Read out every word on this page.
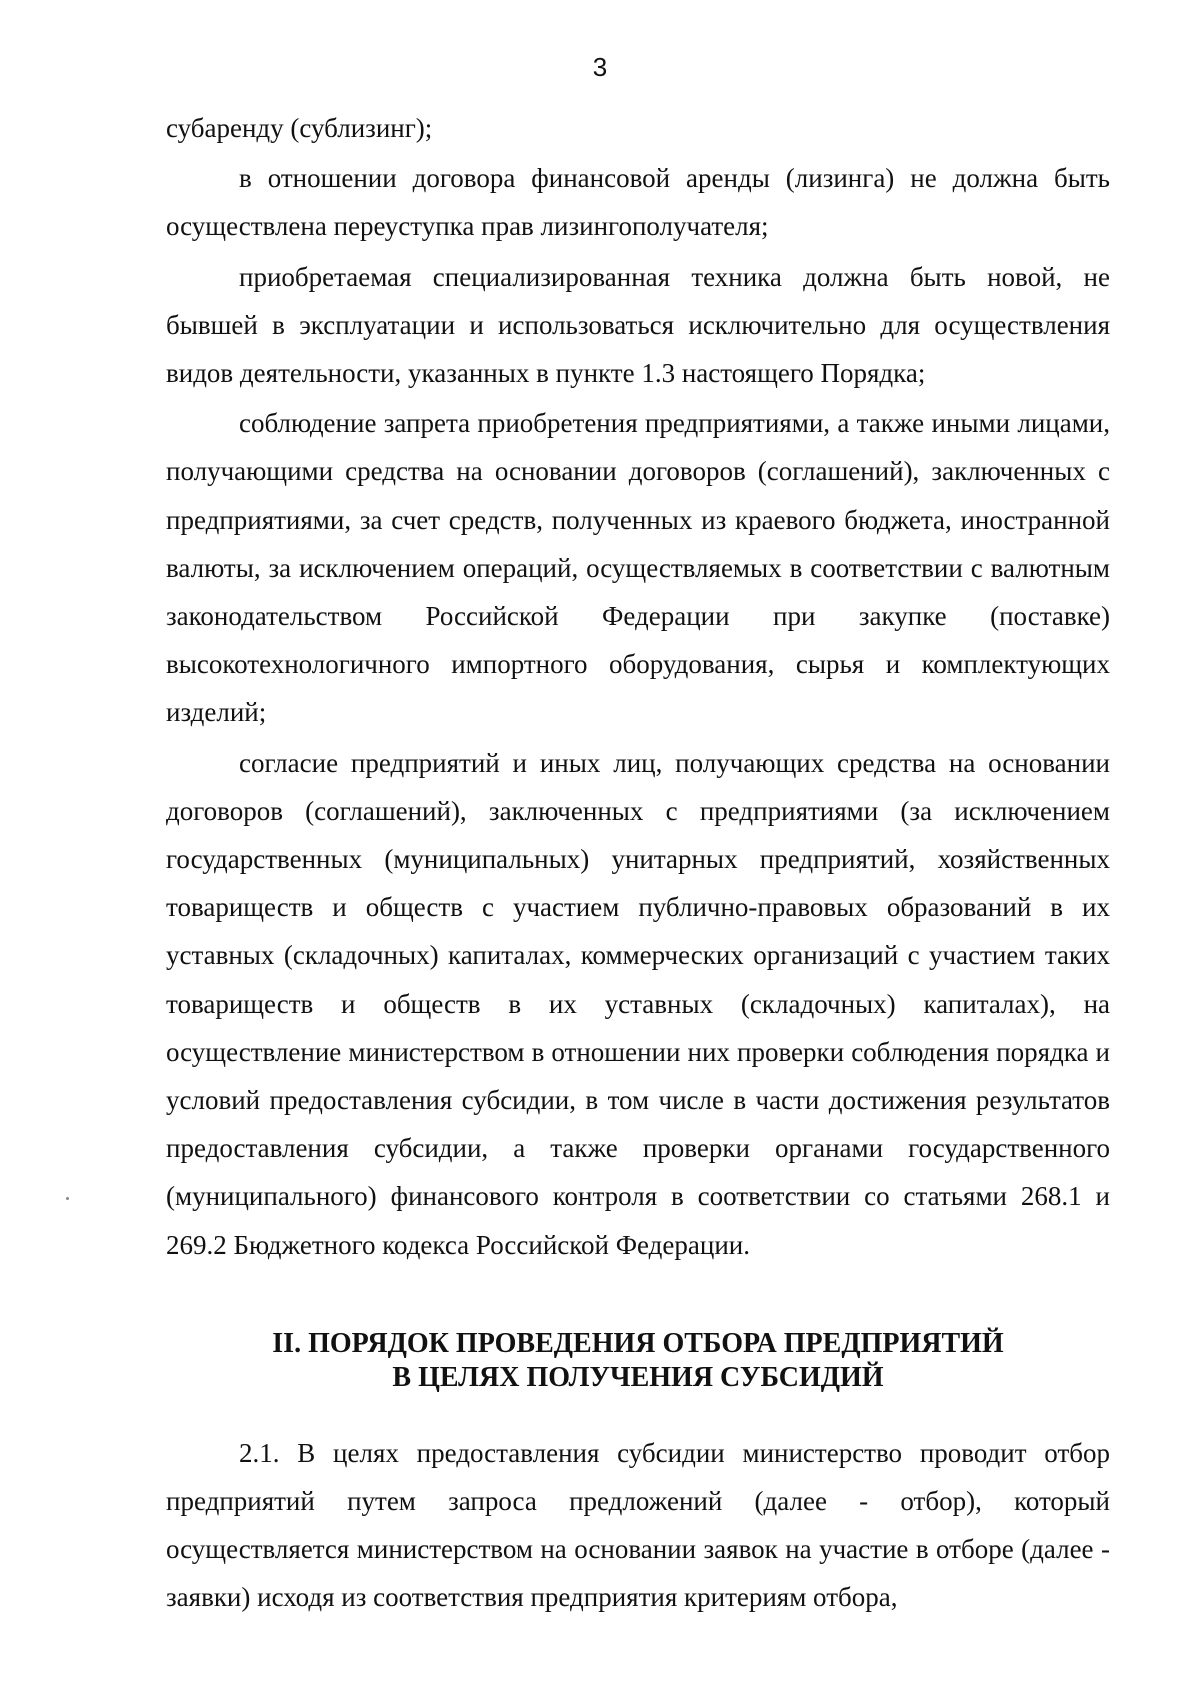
3

субаренду (сублизинг);

в отношении договора финансовой аренды (лизинга) не должна быть осуществлена переуступка прав лизингополучателя;

приобретаемая специализированная техника должна быть новой, не бывшей в эксплуатации и использоваться исключительно для осуществления видов деятельности, указанных в пункте 1.3 настоящего Порядка;

соблюдение запрета приобретения предприятиями, а также иными лицами, получающими средства на основании договоров (соглашений), заключенных с предприятиями, за счет средств, полученных из краевого бюджета, иностранной валюты, за исключением операций, осуществляемых в соответствии с валютным законодательством Российской Федерации при закупке (поставке) высокотехнологичного импортного оборудования, сырья и комплектующих изделий;

согласие предприятий и иных лиц, получающих средства на основании договоров (соглашений), заключенных с предприятиями (за исключением государственных (муниципальных) унитарных предприятий, хозяйственных товариществ и обществ с участием публично-правовых образований в их уставных (складочных) капиталах, коммерческих организаций с участием таких товариществ и обществ в их уставных (складочных) капиталах), на осуществление министерством в отношении них проверки соблюдения порядка и условий предоставления субсидии, в том числе в части достижения результатов предоставления субсидии, а также проверки органами государственного (муниципального) финансового контроля в соответствии со статьями 268.1 и 269.2 Бюджетного кодекса Российской Федерации.

II. ПОРЯДОК ПРОВЕДЕНИЯ ОТБОРА ПРЕДПРИЯТИЙ
В ЦЕЛЯХ ПОЛУЧЕНИЯ СУБСИДИЙ

2.1. В целях предоставления субсидии министерство проводит отбор предприятий путем запроса предложений (далее - отбор), который осуществляется министерством на основании заявок на участие в отборе (далее - заявки) исходя из соответствия предприятия критериям отбора,
